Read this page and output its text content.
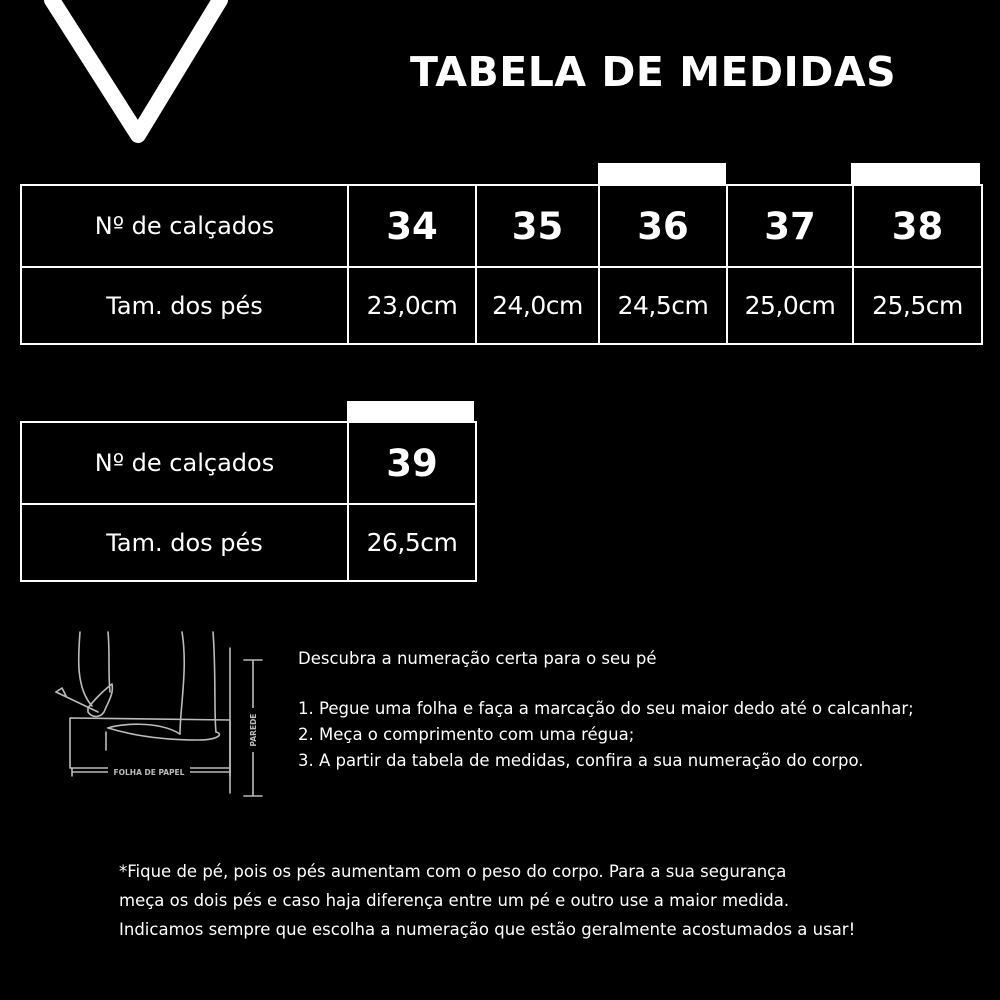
TABELA DE MEDIDAS
Nº de calçados	34	35	36	37	38
Tam. dos pés	23,0cm	24,0cm	24,5cm	25,0cm	25,5cm
Nº de calçados	39
Tam. dos pés	26,5cm
FOLHA DE PAPEL
PAREDE
Descubra a numeração certa para o seu pé
1. Pegue uma folha e faça a marcação do seu maior dedo até o calcanhar;
2. Meça o comprimento com uma régua;
3. A partir da tabela de medidas, confira a sua numeração do corpo.
*Fique de pé, pois os pés aumentam com o peso do corpo. Para a sua segurança
meça os dois pés e caso haja diferença entre um pé e outro use a maior medida.
Indicamos sempre que escolha a numeração que estão geralmente acostumados a usar!
